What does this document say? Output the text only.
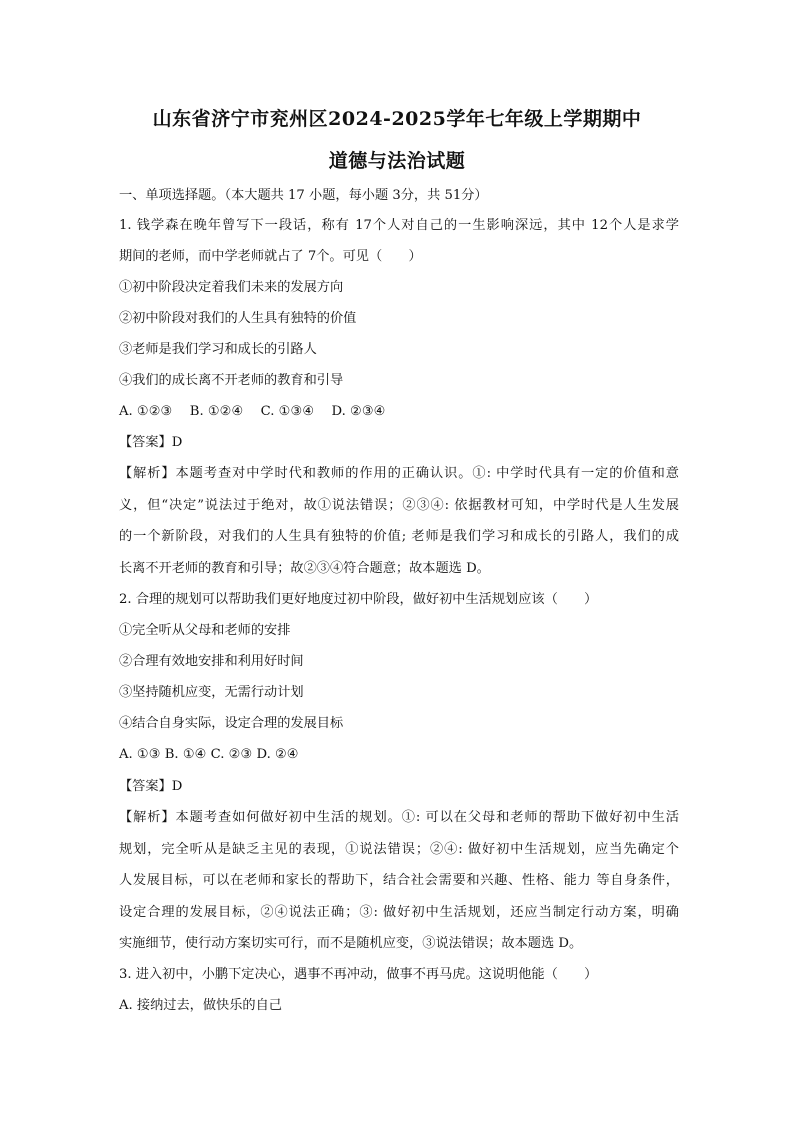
山东省济宁市兖州区2024-2025学年七年级上学期期中
道德与法治试题
一、单项选择题。（本大题共 17 小题，每小题 3分，共 51分）
1. 钱学森在晚年曾写下一段话，称有 17个人对自己的一生影响深远，其中 12个人是求学
期间的老师，而中学老师就占了 7个。可见（　　）
①初中阶段决定着我们未来的发展方向
②初中阶段对我们的人生具有独特的价值
③老师是我们学习和成长的引路人
④我们的成长离不开老师的教育和引导
A. ①②③　 B. ①②④　 C. ①③④　 D. ②③④
【答案】D
【解析】本题考查对中学时代和教师的作用的正确认识。①: 中学时代具有一定的价值和意
义，但“决定”说法过于绝对，故①说法错误；②③④: 依据教材可知，中学时代是人生发展
的一个新阶段，对我们的人生具有独特的价值; 老师是我们学习和成长的引路人，我们的成
长离不开老师的教育和引导；故②③④符合题意；故本题选 D。
2. 合理的规划可以帮助我们更好地度过初中阶段，做好初中生活规划应该（　　）
①完全听从父母和老师的安排
②合理有效地安排和利用好时间
③坚持随机应变，无需行动计划
④结合自身实际，设定合理的发展目标
A. ①③ B. ①④ C. ②③ D. ②④
【答案】D
【解析】本题考查如何做好初中生活的规划。①: 可以在父母和老师的帮助下做好初中生活
规划，完全听从是缺乏主见的表现，①说法错误；②④: 做好初中生活规划，应当先确定个
人发展目标，可以在老师和家长的帮助下，结合社会需要和兴趣、性格、能力 等自身条件，
设定合理的发展目标，②④说法正确；③: 做好初中生活规划，还应当制定行动方案，明确
实施细节，使行动方案切实可行，而不是随机应变，③说法错误；故本题选 D。
3. 进入初中，小鹏下定决心，遇事不再冲动，做事不再马虎。这说明他能（　　）
A. 接纳过去，做快乐的自己
